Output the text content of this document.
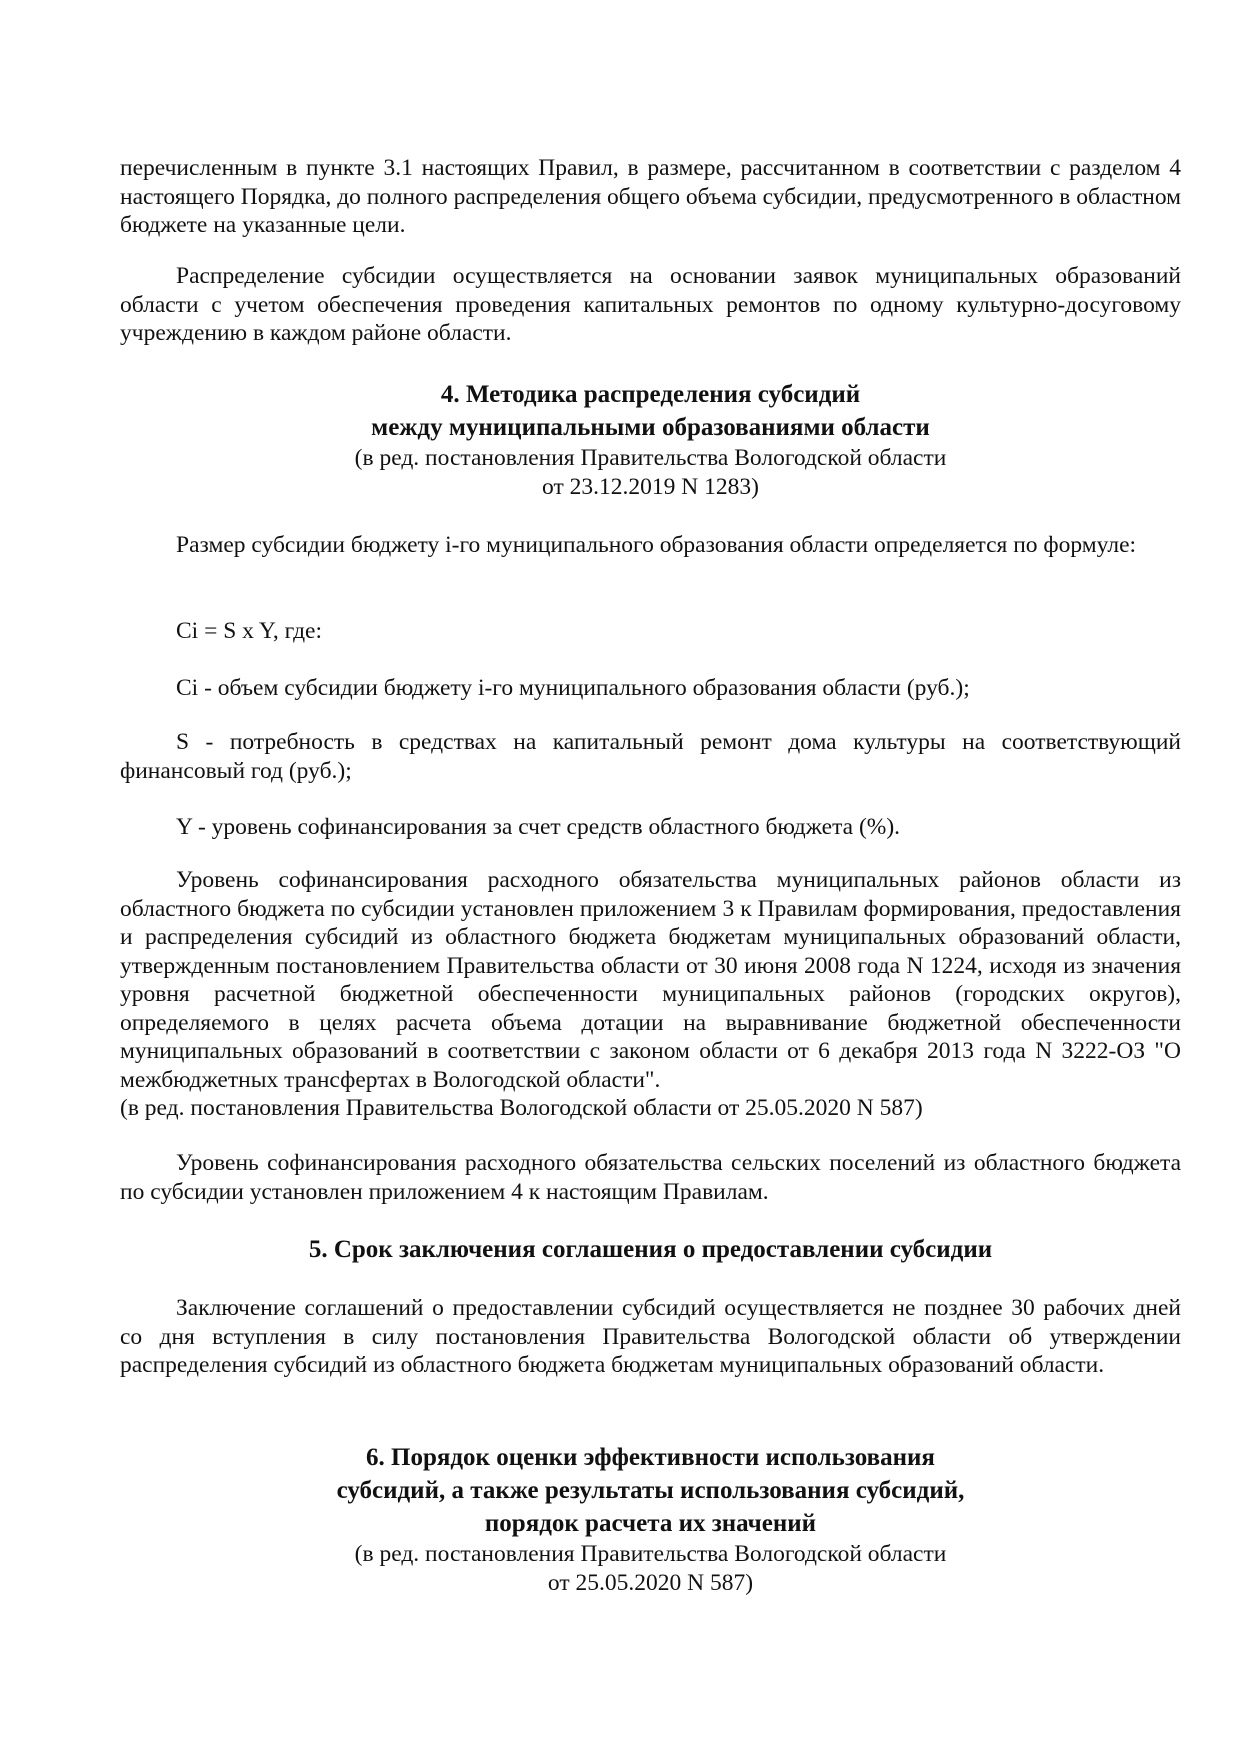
перечисленным в пункте 3.1 настоящих Правил, в размере, рассчитанном в соответствии с разделом 4 настоящего Порядка, до полного распределения общего объема субсидии, предусмотренного в областном бюджете на указанные цели.

Распределение субсидии осуществляется на основании заявок муниципальных образований области с учетом обеспечения проведения капитальных ремонтов по одному культурно-досуговому учреждению в каждом районе области.

4. Методика распределения субсидий

между муниципальными образованиями области

(в ред. постановления Правительства Вологодской области

от 23.12.2019 N 1283)

Размер субсидии бюджету i-го муниципального образования области определяется по формуле:

Ci = S x Y, где:

Ci - объем субсидии бюджету i-го муниципального образования области (руб.);

S - потребность в средствах на капитальный ремонт дома культуры на соответствующий финансовый год (руб.);

Y - уровень софинансирования за счет средств областного бюджета (%).

Уровень софинансирования расходного обязательства муниципальных районов области из областного бюджета по субсидии установлен приложением 3 к Правилам формирования, предоставления и распределения субсидий из областного бюджета бюджетам муниципальных образований области, утвержденным постановлением Правительства области от 30 июня 2008 года N 1224, исходя из значения уровня расчетной бюджетной обеспеченности муниципальных районов (городских округов), определяемого в целях расчета объема дотации на выравнивание бюджетной обеспеченности муниципальных образований в соответствии с законом области от 6 декабря 2013 года N 3222-ОЗ "О межбюджетных трансфертах в Вологодской области".

(в ред. постановления Правительства Вологодской области от 25.05.2020 N 587)

Уровень софинансирования расходного обязательства сельских поселений из областного бюджета по субсидии установлен приложением 4 к настоящим Правилам.

5. Срок заключения соглашения о предоставлении субсидии

Заключение соглашений о предоставлении субсидий осуществляется не позднее 30 рабочих дней со дня вступления в силу постановления Правительства Вологодской области об утверждении распределения субсидий из областного бюджета бюджетам муниципальных образований области.

6. Порядок оценки эффективности использования

субсидий, а также результаты использования субсидий,

порядок расчета их значений

(в ред. постановления Правительства Вологодской области

от 25.05.2020 N 587)
